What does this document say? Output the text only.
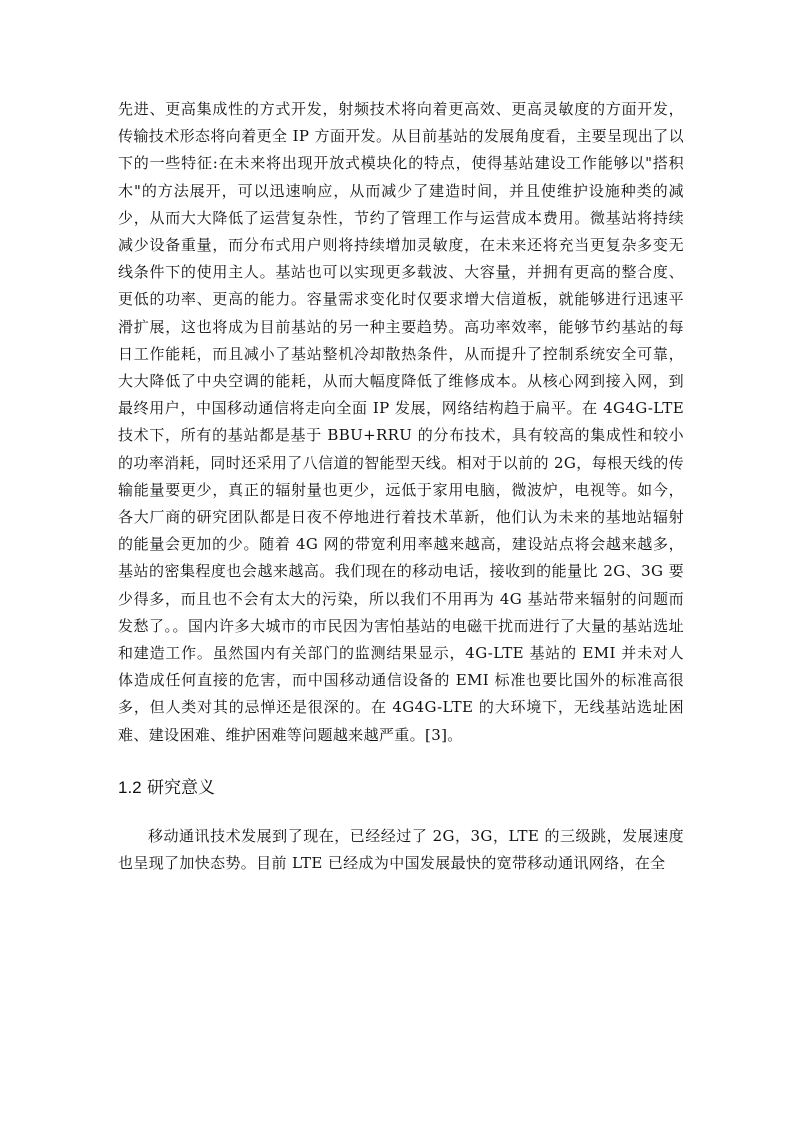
先进、更高集成性的方式开发，射频技术将向着更高效、更高灵敏度的方面开发，传输技术形态将向着更全 IP 方面开发。从目前基站的发展角度看，主要呈现出了以下的一些特征:在未来将出现开放式模块化的特点，使得基站建设工作能够以"搭积木"的方法展开，可以迅速响应，从而减少了建造时间，并且使维护设施种类的减少，从而大大降低了运营复杂性，节约了管理工作与运营成本费用。微基站将持续减少设备重量，而分布式用户则将持续增加灵敏度，在未来还将充当更复杂多变无线条件下的使用主人。基站也可以实现更多载波、大容量，并拥有更高的整合度、更低的功率、更高的能力。容量需求变化时仅要求增大信道板，就能够进行迅速平滑扩展，这也将成为目前基站的另一种主要趋势。高功率效率，能够节约基站的每日工作能耗，而且减小了基站整机冷却散热条件，从而提升了控制系统安全可靠，大大降低了中央空调的能耗，从而大幅度降低了维修成本。从核心网到接入网，到最终用户，中国移动通信将走向全面 IP 发展，网络结构趋于扁平。在 4G4G-LTE 技术下，所有的基站都是基于 BBU+RRU 的分布技术，具有较高的集成性和较小的功率消耗，同时还采用了八信道的智能型天线。相对于以前的 2G，每根天线的传输能量要更少，真正的辐射量也更少，远低于家用电脑，微波炉，电视等。如今，各大厂商的研究团队都是日夜不停地进行着技术革新，他们认为未来的基地站辐射的能量会更加的少。随着 4G 网的带宽利用率越来越高，建设站点将会越来越多，基站的密集程度也会越来越高。我们现在的移动电话，接收到的能量比 2G、3G 要少得多，而且也不会有太大的污染，所以我们不用再为 4G 基站带来辐射的问题而发愁了。。国内许多大城市的市民因为害怕基站的电磁干扰而进行了大量的基站选址和建造工作。虽然国内有关部门的监测结果显示，4G-LTE 基站的 EMI 并未对人体造成任何直接的危害，而中国移动通信设备的 EMI 标准也要比国外的标准高很多，但人类对其的忌惮还是很深的。在 4G4G-LTE 的大环境下，无线基站选址困难、建设困难、维护困难等问题越来越严重。[3]。

1.2 研究意义

移动通讯技术发展到了现在，已经经过了 2G，3G，LTE 的三级跳，发展速度也呈现了加快态势。目前 LTE 已经成为中国发展最快的宽带移动通讯网络，在全
